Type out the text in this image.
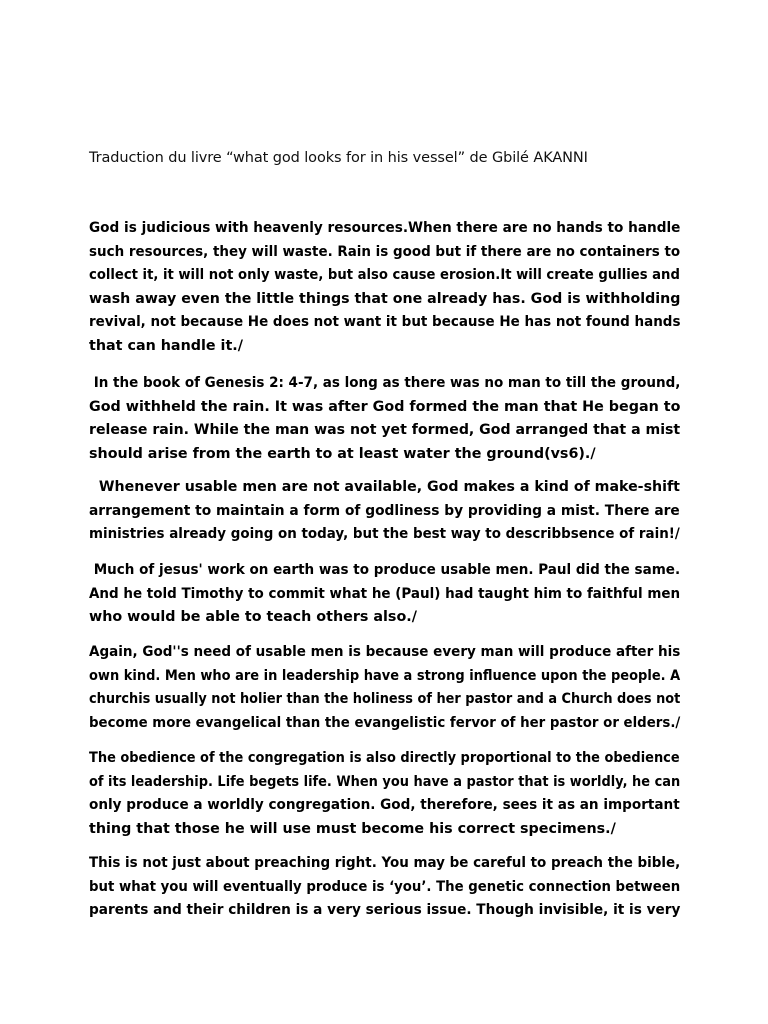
Traduction du livre “what god looks for in his vessel” de Gbilé AKANNI
God is judicious with heavenly resources.When there are no hands to handle
such resources, they will waste. Rain is good but if there are no containers to
collect it, it will not only waste, but also cause erosion.It will create gullies and
wash away even the little things that one already has. God is withholding
revival, not because He does not want it but because He has not found hands
that can handle it./
In the book of Genesis 2: 4-7, as long as there was no man to till the ground,
God withheld the rain. It was after God formed the man that He began to
release rain. While the man was not yet formed, God arranged that a mist
should arise from the earth to at least water the ground(vs6)./
Whenever usable men are not available, God makes a kind of make-shift
arrangement to maintain a form of godliness by providing a mist. There are
ministries already going on today, but the best way to describbsence of rain!/
Much of jesus' work on earth was to produce usable men. Paul did the same.
And he told Timothy to commit what he (Paul) had taught him to faithful men
who would be able to teach others also./
Again, God''s need of usable men is because every man will produce after his
own kind. Men who are in leadership have a strong influence upon the people. A
churchis usually not holier than the holiness of her pastor and a Church does not
become more evangelical than the evangelistic fervor of her pastor or elders./
The obedience of the congregation is also directly proportional to the obedience
of its leadership. Life begets life. When you have a pastor that is worldly, he can
only produce a worldly congregation. God, therefore, sees it as an important
thing that those he will use must become his correct specimens./
This is not just about preaching right. You may be careful to preach the bible,
but what you will eventually produce is ‘you’. The genetic connection between
parents and their children is a very serious issue. Though invisible, it is very
